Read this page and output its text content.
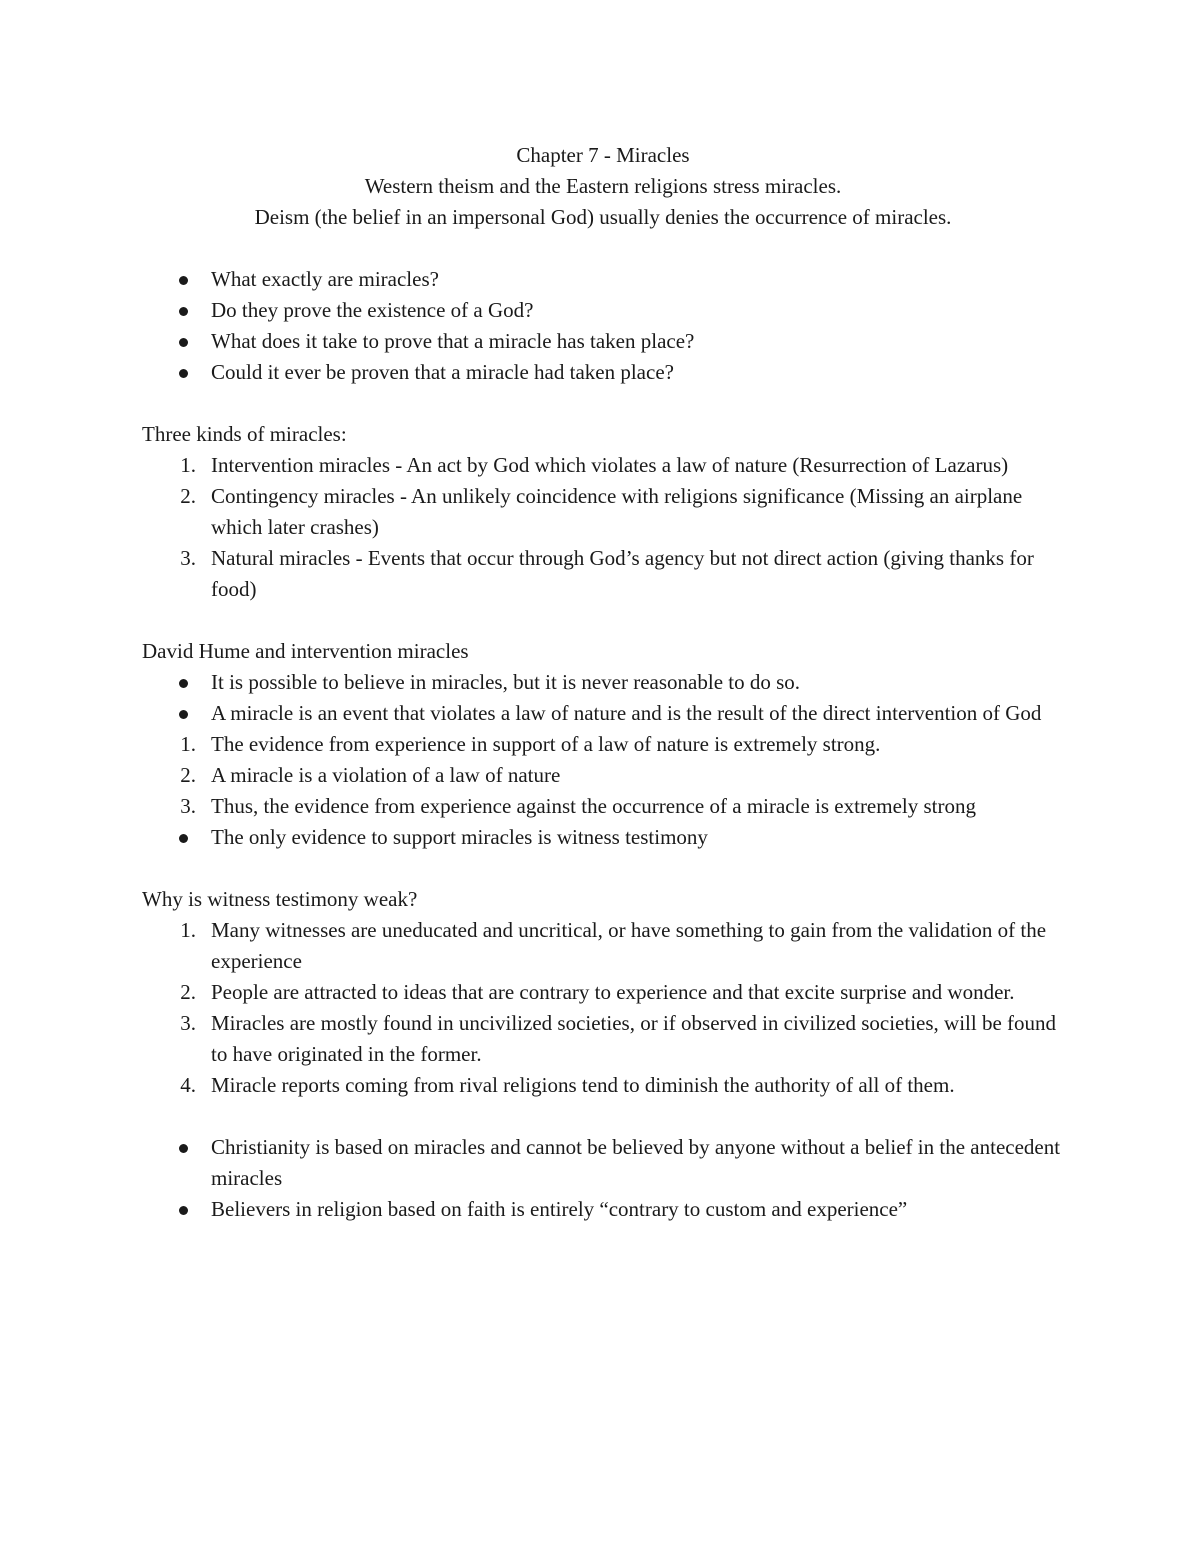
Chapter 7 - Miracles
Western theism and the Eastern religions stress miracles.
Deism (the belief in an impersonal God) usually denies the occurrence of miracles.
What exactly are miracles?
Do they prove the existence of a God?
What does it take to prove that a miracle has taken place?
Could it ever be proven that a miracle had taken place?
Three kinds of miracles:
1. Intervention miracles - An act by God which violates a law of nature (Resurrection of Lazarus)
2. Contingency miracles - An unlikely coincidence with religions significance (Missing an airplane which later crashes)
3. Natural miracles - Events that occur through God’s agency but not direct action (giving thanks for food)
David Hume and intervention miracles
It is possible to believe in miracles, but it is never reasonable to do so.
A miracle is an event that violates a law of nature and is the result of the direct intervention of God
1. The evidence from experience in support of a law of nature is extremely strong.
2. A miracle is a violation of a law of nature
3. Thus, the evidence from experience against the occurrence of a miracle is extremely strong
The only evidence to support miracles is witness testimony
Why is witness testimony weak?
1. Many witnesses are uneducated and uncritical, or have something to gain from the validation of the experience
2. People are attracted to ideas that are contrary to experience and that excite surprise and wonder.
3. Miracles are mostly found in uncivilized societies, or if observed in civilized societies, will be found to have originated in the former.
4. Miracle reports coming from rival religions tend to diminish the authority of all of them.
Christianity is based on miracles and cannot be believed by anyone without a belief in the antecedent miracles
Believers in religion based on faith is entirely “contrary to custom and experience”
